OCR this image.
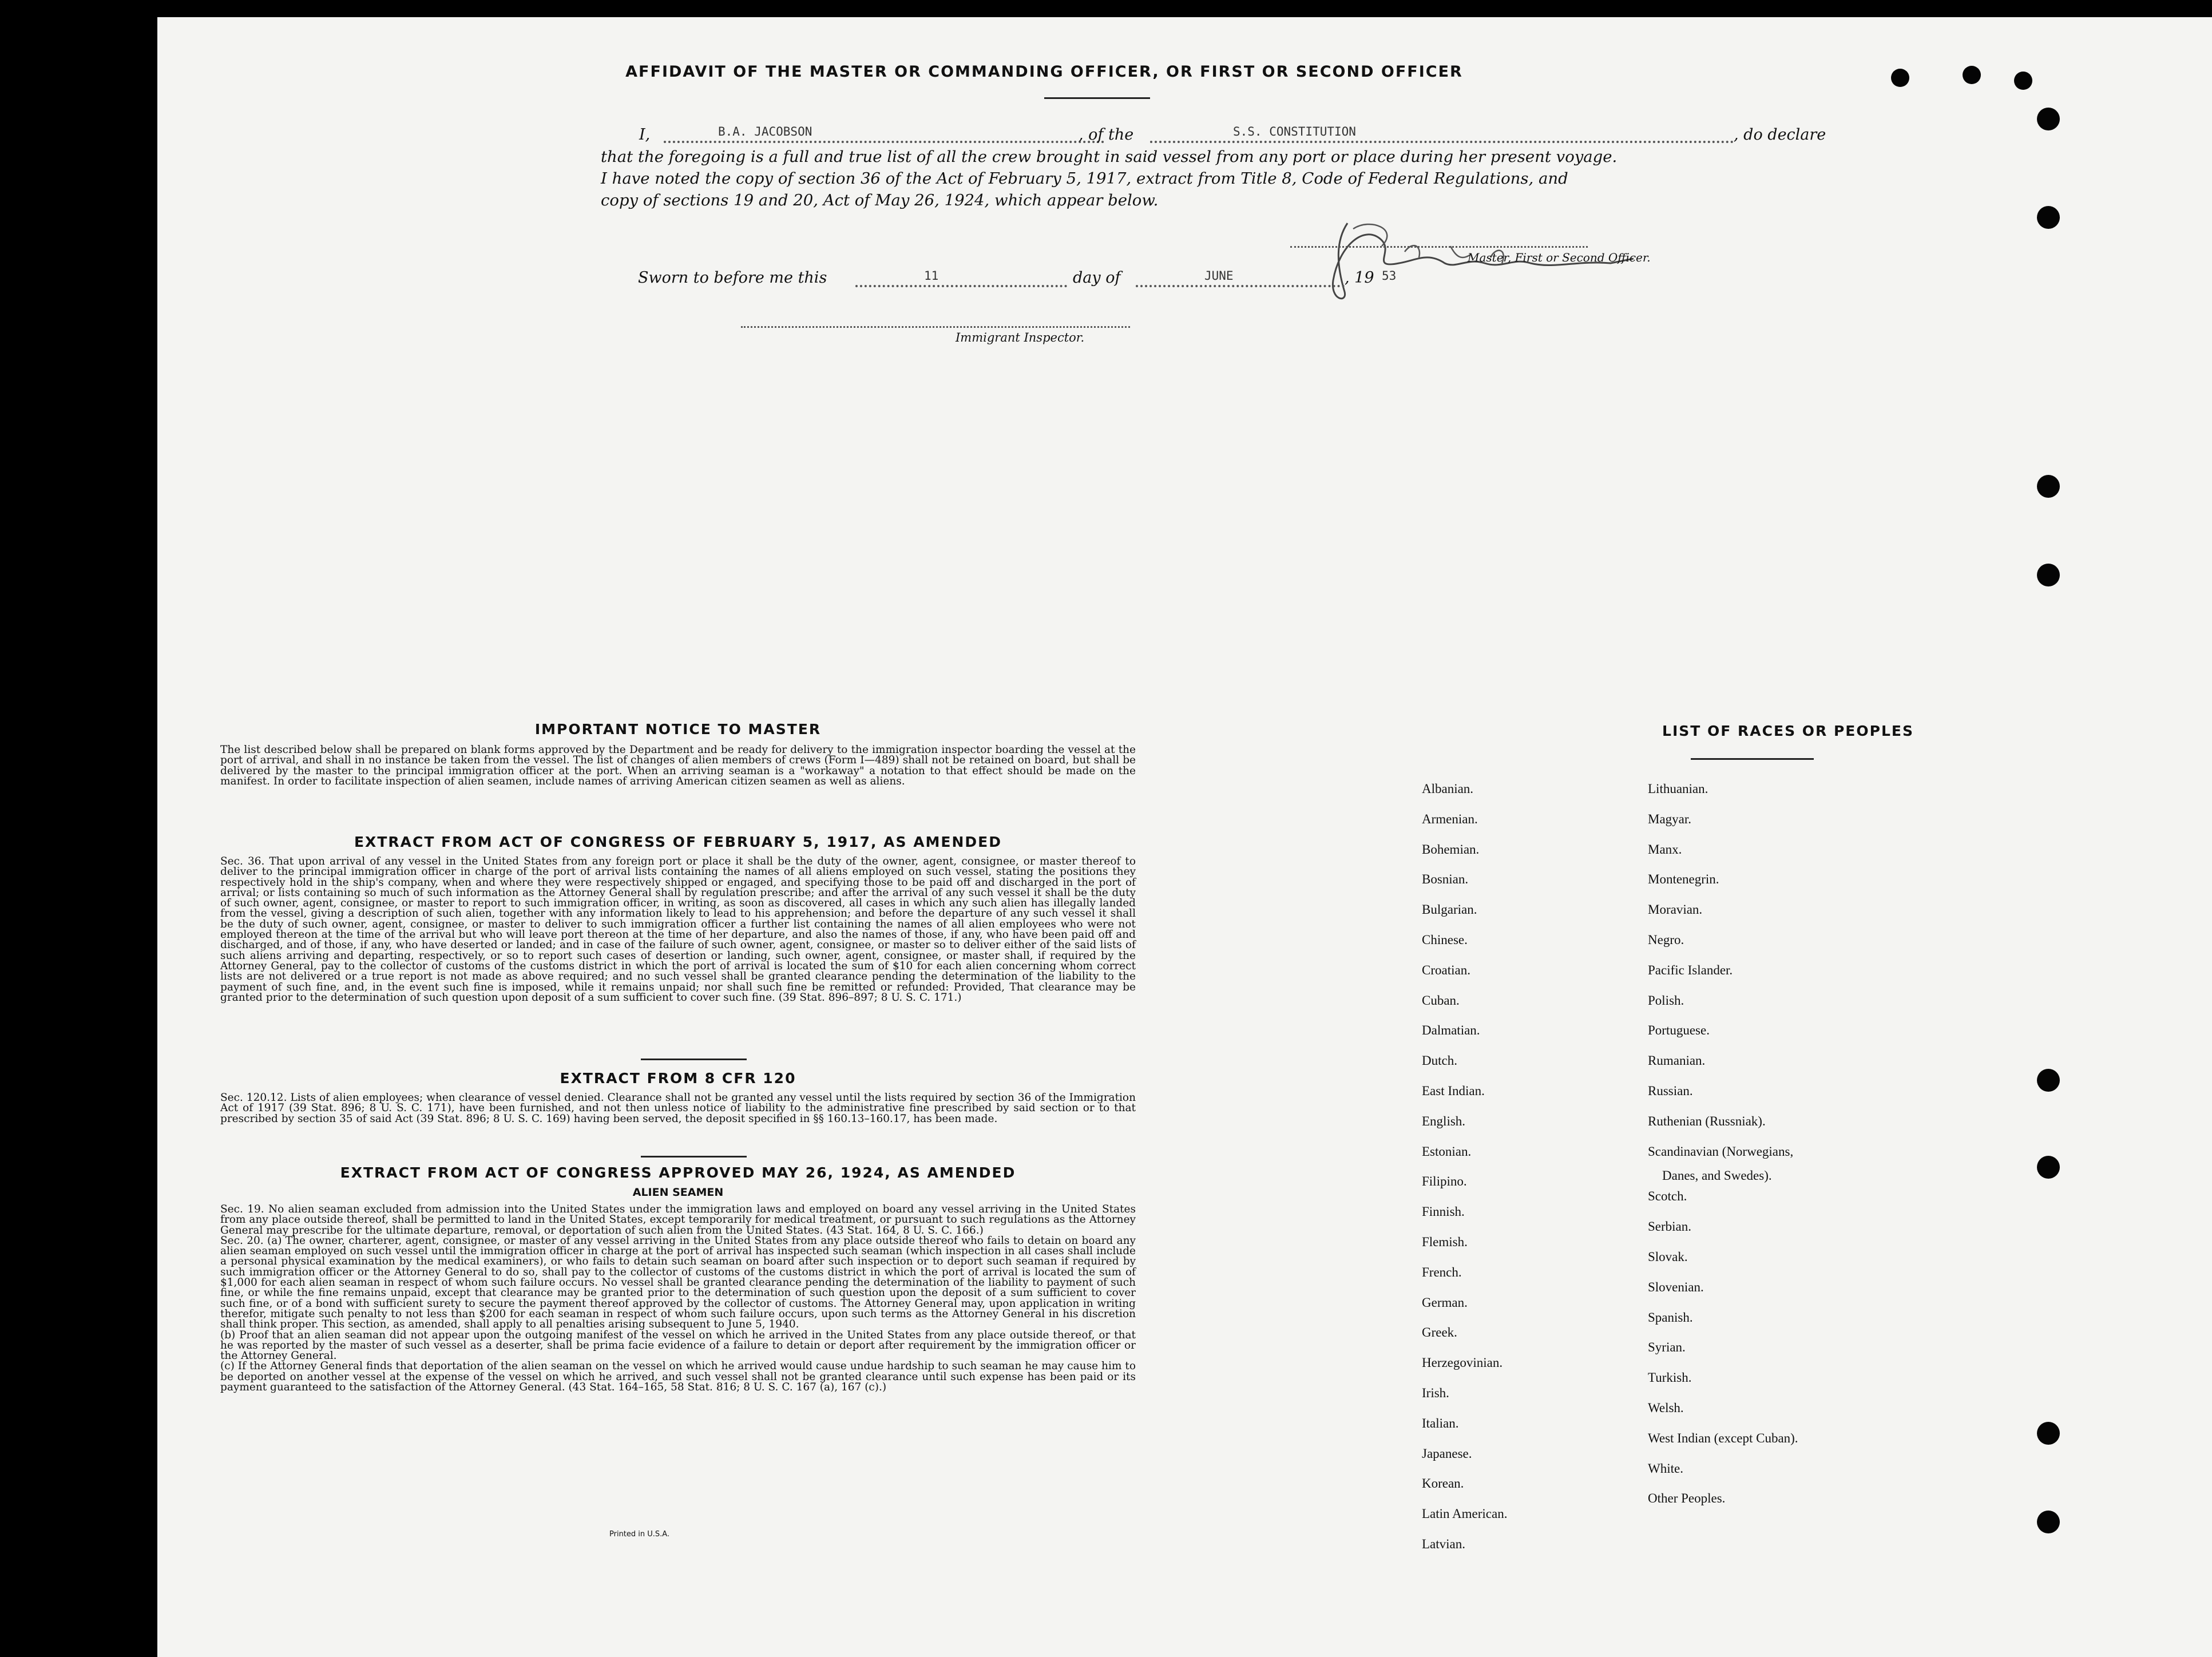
AFFIDAVIT OF THE MASTER OR COMMANDING OFFICER, OR FIRST OR SECOND OFFICER
I,	B.A. JACOBSON	, of the	S.S. CONSTITUTION	, do declare
that the foregoing is a full and true list of all the crew brought in said vessel from any port or place during her present voyage.
I have noted the copy of section 36 of the Act of February 5, 1917, extract from Title 8, Code of Federal Regulations, and
copy of sections 19 and 20, Act of May 26, 1924, which appear below.
Master, First or Second Officer.
Sworn to before me this	11	day of	JUNE	, 19 53
Immigrant Inspector.
IMPORTANT NOTICE TO MASTER

The list described below shall be prepared on blank forms approved by the Department and be ready for delivery to the immigration inspector boarding the vessel at the port of arrival, and shall in no instance be taken from the vessel. The list of changes of alien members of crews (Form I—489) shall not be retained on board, but shall be delivered by the master to the principal immigration officer at the port. When an arriving seaman is a "workaway" a notation to that effect should be made on the manifest. In order to facilitate inspection of alien seamen, include names of arriving American citizen seamen as well as aliens.

EXTRACT FROM ACT OF CONGRESS OF FEBRUARY 5, 1917, AS AMENDED

Sec. 36. That upon arrival of any vessel in the United States from any foreign port or place it shall be the duty of the owner, agent, consignee, or master thereof to deliver to the principal immigration officer in charge of the port of arrival lists containing the names of all aliens employed on such vessel, stating the positions they respectively hold in the ship's company, when and where they were respectively shipped or engaged, and specifying those to be paid off and discharged in the port of arrival; or lists containing so much of such information as the Attorney General shall by regulation prescribe; and after the arrival of any such vessel it shall be the duty of such owner, agent, consignee, or master to report to such immigration officer, in writing, as soon as discovered, all cases in which any such alien has illegally landed from the vessel, giving a description of such alien, together with any information likely to lead to his apprehension; and before the departure of any such vessel it shall be the duty of such owner, agent, consignee, or master to deliver to such immigration officer a further list containing the names of all alien employees who were not employed thereon at the time of the arrival but who will leave port thereon at the time of her departure, and also the names of those, if any, who have been paid off and discharged, and of those, if any, who have deserted or landed; and in case of the failure of such owner, agent, consignee, or master so to deliver either of the said lists of such aliens arriving and departing, respectively, or so to report such cases of desertion or landing, such owner, agent, consignee, or master shall, if required by the Attorney General, pay to the collector of customs of the customs district in which the port of arrival is located the sum of $10 for each alien concerning whom correct lists are not delivered or a true report is not made as above required; and no such vessel shall be granted clearance pending the determination of the liability to the payment of such fine, and, in the event such fine is imposed, while it remains unpaid; nor shall such fine be remitted or refunded: Provided, That clearance may be granted prior to the determination of such question upon deposit of a sum sufficient to cover such fine. (39 Stat. 896–897; 8 U. S. C. 171.)

EXTRACT FROM 8 CFR 120

Sec. 120.12. Lists of alien employees; when clearance of vessel denied. Clearance shall not be granted any vessel until the lists required by section 36 of the Immigration Act of 1917 (39 Stat. 896; 8 U. S. C. 171), have been furnished, and not then unless notice of liability to the administrative fine prescribed by said section or to that prescribed by section 35 of said Act (39 Stat. 896; 8 U. S. C. 169) having been served, the deposit specified in §§ 160.13–160.17, has been made.

EXTRACT FROM ACT OF CONGRESS APPROVED MAY 26, 1924, AS AMENDED
ALIEN SEAMEN

Sec. 19. No alien seaman excluded from admission into the United States under the immigration laws and employed on board any vessel arriving in the United States from any place outside thereof, shall be permitted to land in the United States, except temporarily for medical treatment, or pursuant to such regulations as the Attorney General may prescribe for the ultimate departure, removal, or deportation of such alien from the United States. (43 Stat. 164, 8 U. S. C. 166.)

Sec. 20. (a) The owner, charterer, agent, consignee, or master of any vessel arriving in the United States from any place outside thereof who fails to detain on board any alien seaman employed on such vessel until the immigration officer in charge at the port of arrival has inspected such seaman (which inspection in all cases shall include a personal physical examination by the medical examiners), or who fails to detain such seaman on board after such inspection or to deport such seaman if required by such immigration officer or the Attorney General to do so, shall pay to the collector of customs of the customs district in which the port of arrival is located the sum of $1,000 for each alien seaman in respect of whom such failure occurs. No vessel shall be granted clearance pending the determination of the liability to payment of such fine, or while the fine remains unpaid, except that clearance may be granted prior to the determination of such question upon the deposit of a sum sufficient to cover such fine, or of a bond with sufficient surety to secure the payment thereof approved by the collector of customs. The Attorney General may, upon application in writing therefor, mitigate such penalty to not less than $200 for each seaman in respect of whom such failure occurs, upon such terms as the Attorney General in his discretion shall think proper. This section, as amended, shall apply to all penalties arising subsequent to June 5, 1940.

(b) Proof that an alien seaman did not appear upon the outgoing manifest of the vessel on which he arrived in the United States from any place outside thereof, or that he was reported by the master of such vessel as a deserter, shall be prima facie evidence of a failure to detain or deport after requirement by the immigration officer or the Attorney General.

(c) If the Attorney General finds that deportation of the alien seaman on the vessel on which he arrived would cause undue hardship to such seaman he may cause him to be deported on another vessel at the expense of the vessel on which he arrived, and such vessel shall not be granted clearance until such expense has been paid or its payment guaranteed to the satisfaction of the Attorney General. (43 Stat. 164–165, 58 Stat. 816; 8 U. S. C. 167 (a), 167 (c).)

Printed in U.S.A.
LIST OF RACES OR PEOPLES
Albanian.
Armenian.
Bohemian.
Bosnian.
Bulgarian.
Chinese.
Croatian.
Cuban.
Dalmatian.
Dutch.
East Indian.
English.
Estonian.
Filipino.
Finnish.
Flemish.
French.
German.
Greek.
Herzegovinian.
Irish.
Italian.
Japanese.
Korean.
Latin American.
Latvian.
Lithuanian.
Magyar.
Manx.
Montenegrin.
Moravian.
Negro.
Pacific Islander.
Polish.
Portuguese.
Rumanian.
Russian.
Ruthenian (Russniak).
Scandinavian (Norwegians,
Danes, and Swedes).
Scotch.
Serbian.
Slovak.
Slovenian.
Spanish.
Syrian.
Turkish.
Welsh.
West Indian (except Cuban).
White.
Other Peoples.
